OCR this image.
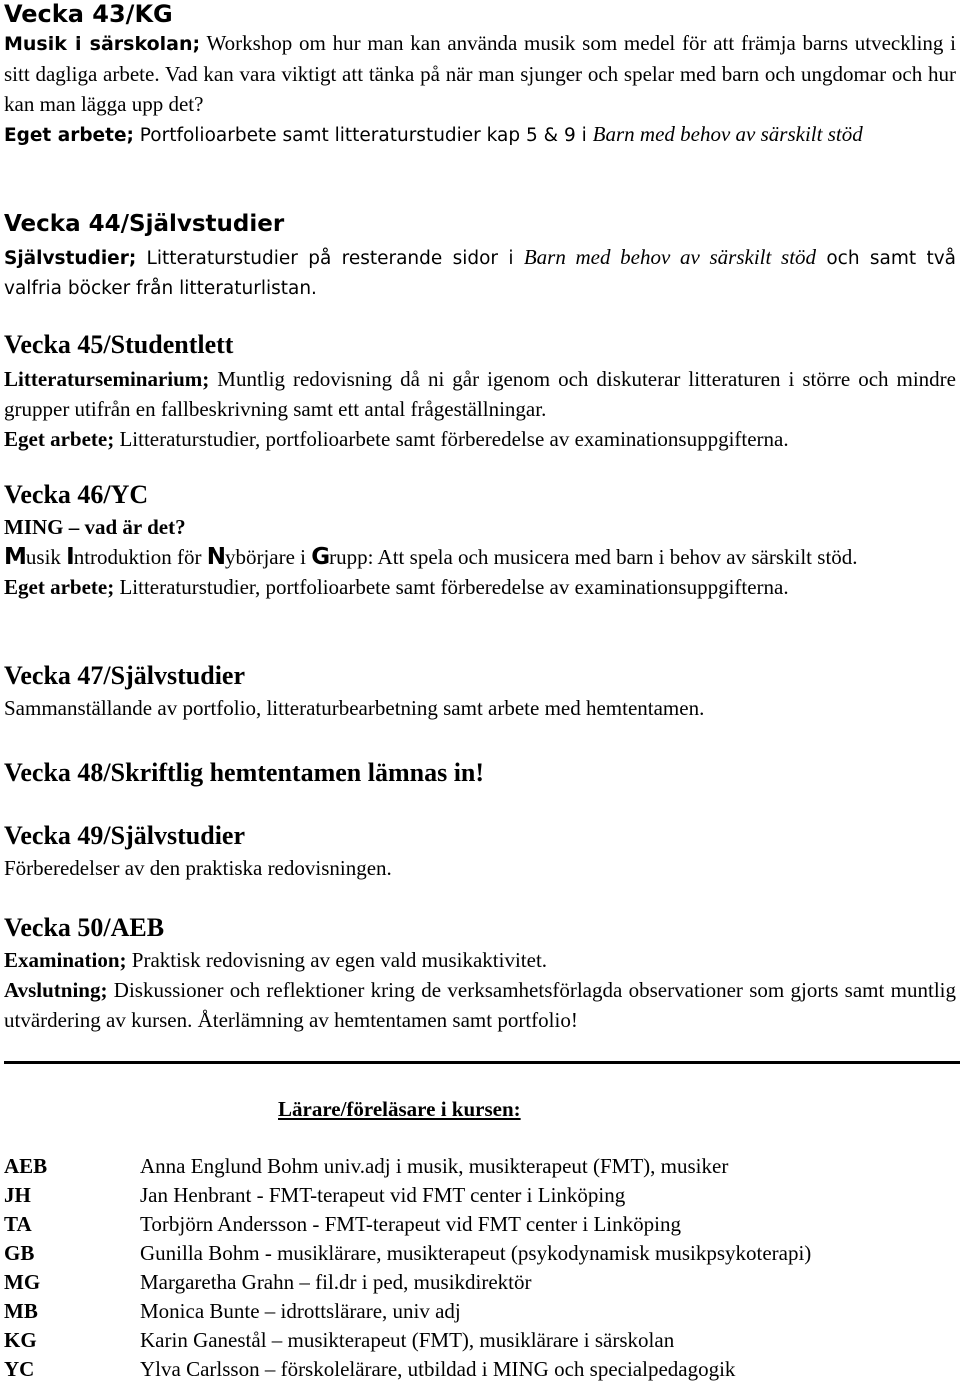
Vecka 43/KG

Musik i särskolan; Workshop om hur man kan använda musik som medel för att främja barns utveckling i sitt dagliga arbete. Vad kan vara viktigt att tänka på när man sjunger och spelar med barn och ungdomar och hur kan man lägga upp det?

Eget arbete; Portfolioarbete samt litteraturstudier kap 5 & 9 i Barn med behov av särskilt stöd

Vecka 44/Självstudier

Självstudier; Litteraturstudier på resterande sidor i Barn med behov av särskilt stöd och samt två valfria böcker från litteraturlistan.

Vecka 45/Studentlett

Litteraturseminarium; Muntlig redovisning då ni går igenom och diskuterar litteraturen i större och mindre grupper utifrån en fallbeskrivning samt ett antal frågeställningar.

Eget arbete; Litteraturstudier, portfolioarbete samt förberedelse av examinationsuppgifterna.

Vecka 46/YC

MING – vad är det?

Musik Introduktion för Nybörjare i Grupp: Att spela och musicera med barn i behov av särskilt stöd.

Eget arbete; Litteraturstudier, portfolioarbete samt förberedelse av examinationsuppgifterna.

Vecka 47/Självstudier

Sammanställande av portfolio, litteraturbearbetning samt arbete med hemtentamen.

Vecka 48/Skriftlig hemtentamen lämnas in!
Vecka 49/Självstudier

Förberedelser av den praktiska redovisningen.

Vecka 50/AEB

Examination; Praktisk redovisning av egen vald musikaktivitet.

Avslutning; Diskussioner och reflektioner kring de verksamhetsförlagda observationer som gjorts samt muntlig utvärdering av kursen. Återlämning av hemtentamen samt portfolio!

Lärare/föreläsare i kursen:
AEB	Anna Englund Bohm univ.adj i musik, musikterapeut (FMT), musiker
JH	Jan Henbrant - FMT-terapeut vid FMT center i Linköping
TA	Torbjörn Andersson - FMT-terapeut vid FMT center i Linköping
GB	Gunilla Bohm - musiklärare, musikterapeut (psykodynamisk musikpsykoterapi)
MG	Margaretha Grahn – fil.dr i ped, musikdirektör
MB	Monica Bunte – idrottslärare, univ adj
KG	Karin Ganestål – musikterapeut (FMT), musiklärare i särskolan
YC	Ylva Carlsson – förskolelärare, utbildad i MING och specialpedagogik
